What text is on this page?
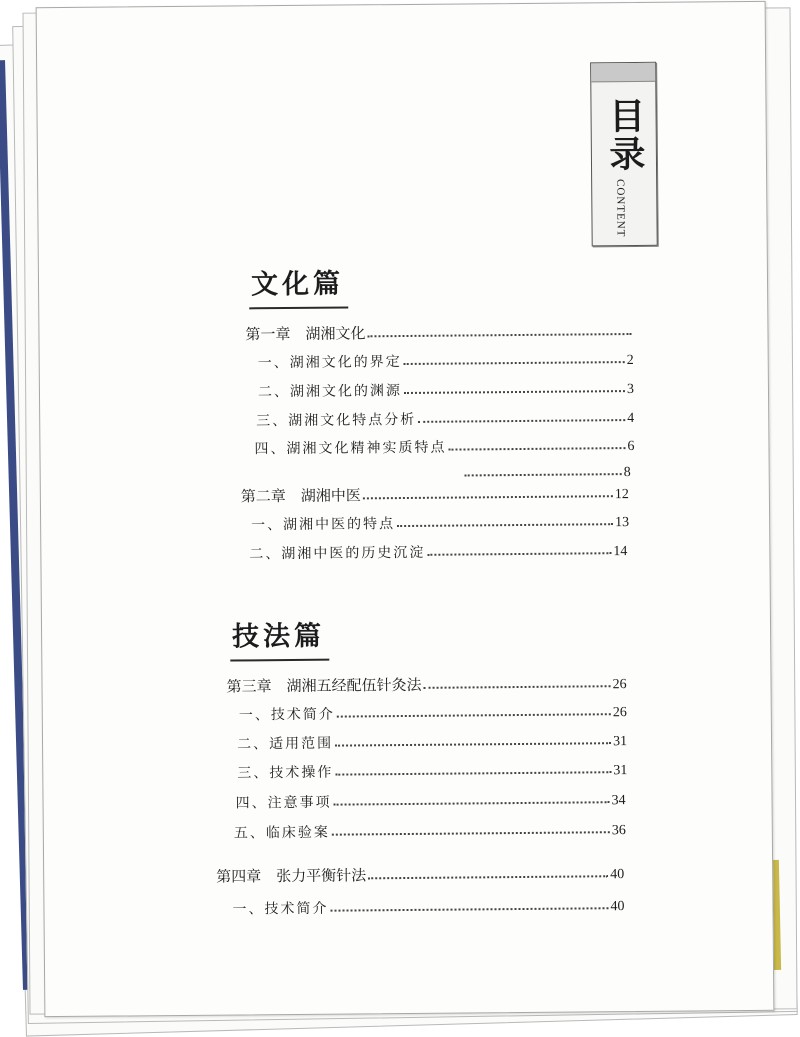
目录
CONTENT
文化篇
第一章　湖湘文化
一、湖湘文化的界定	2
二、湖湘文化的渊源	3
三、湖湘文化特点分析	4
四、湖湘文化精神实质特点	6
8
第二章　湖湘中医	12
一、湖湘中医的特点	13
二、湖湘中医的历史沉淀	14
技法篇
第三章　湖湘五经配伍针灸法	26
一、技术简介	26
二、适用范围	31
三、技术操作	31
四、注意事项	34
五、临床验案	36
第四章　张力平衡针法	40
一、技术简介	40
